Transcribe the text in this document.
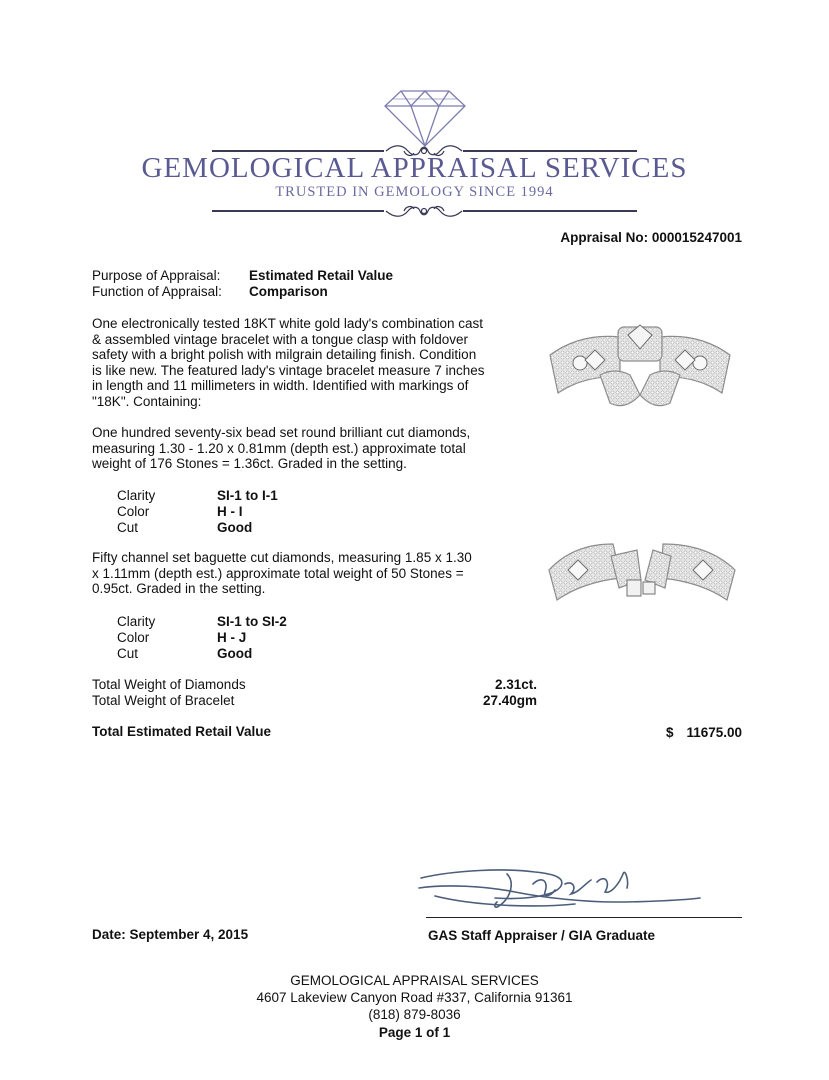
GEMOLOGICAL APPRAISAL SERVICES
TRUSTED IN GEMOLOGY SINCE 1994
Appraisal No: 000015247001
Purpose of Appraisal: Estimated Retail Value
Function of Appraisal: Comparison
One electronically tested 18KT white gold lady's combination cast
& assembled vintage bracelet with a tongue clasp with foldover
safety with a bright polish with milgrain detailing finish. Condition
is like new. The featured lady's vintage bracelet measure 7 inches
in length and 11 millimeters in width. Identified with markings of
"18K". Containing:
One hundred seventy-six bead set round brilliant cut diamonds,
measuring 1.30 - 1.20 x 0.81mm (depth est.) approximate total
weight of 176 Stones = 1.36ct. Graded in the setting.
Clarity	SI-1 to I-1
Color	H - I
Cut	Good
Fifty channel set baguette cut diamonds, measuring 1.85 x 1.30
x 1.11mm (depth est.) approximate total weight of 50 Stones =
0.95ct. Graded in the setting.
Clarity	SI-1 to SI-2
Color	H - J
Cut	Good
Total Weight of Diamonds	2.31ct.
Total Weight of Bracelet	27.40gm
Total Estimated Retail Value	$ 11675.00
Date: September 4, 2015	GAS Staff Appraiser / GIA Graduate
GEMOLOGICAL APPRAISAL SERVICES
4607 Lakeview Canyon Road #337, California 91361
(818) 879-8036
Page 1 of 1
